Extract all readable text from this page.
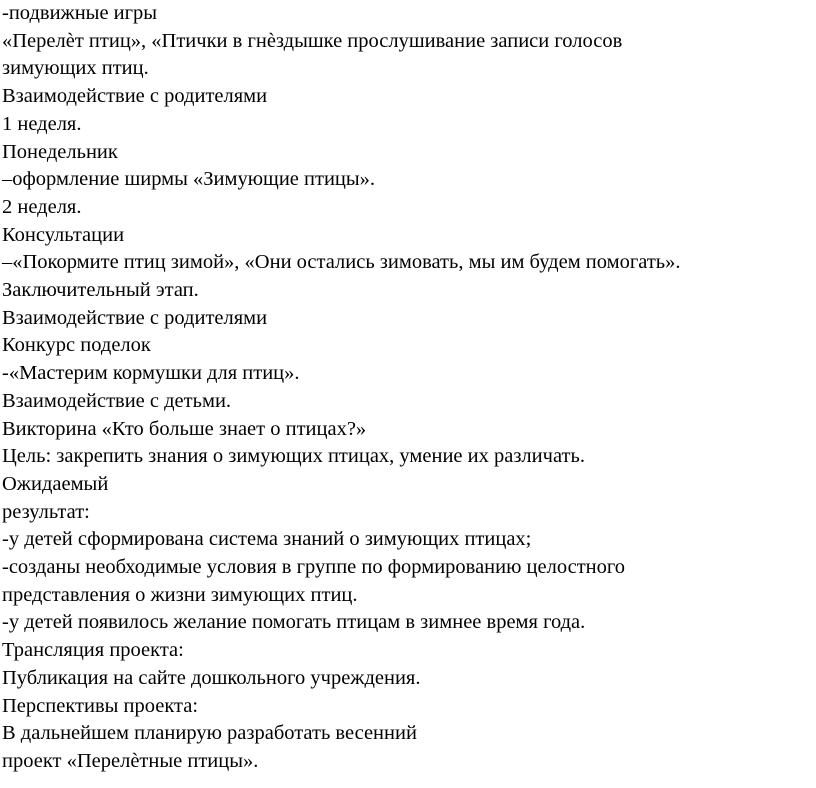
-подвижные игры
«Перелѐт птиц», «Птички в гнѐздышке прослушивание записи голосов
зимующих птиц.
Взаимодействие с родителями
1 неделя.
Понедельник
–оформление ширмы «Зимующие птицы».
2 неделя.
Консультации
–«Покормите птиц зимой», «Они остались зимовать, мы им будем помогать».
Заключительный этап.
Взаимодействие с родителями
Конкурс поделок
-«Мастерим кормушки для птиц».
Взаимодействие с детьми.
Викторина «Кто больше знает о птицах?»
Цель: закрепить знания о зимующих птицах, умение их различать.
Ожидаемый
результат:
-у детей сформирована система знаний о зимующих птицах;
-созданы необходимые условия в группе по формированию целостного
представления о жизни зимующих птиц.
-у детей появилось желание помогать птицам в зимнее время года.
Трансляция проекта:
Публикация на сайте дошкольного учреждения.
Перспективы проекта:
В дальнейшем планирую разработать весенний
проект «Перелѐтные птицы».
